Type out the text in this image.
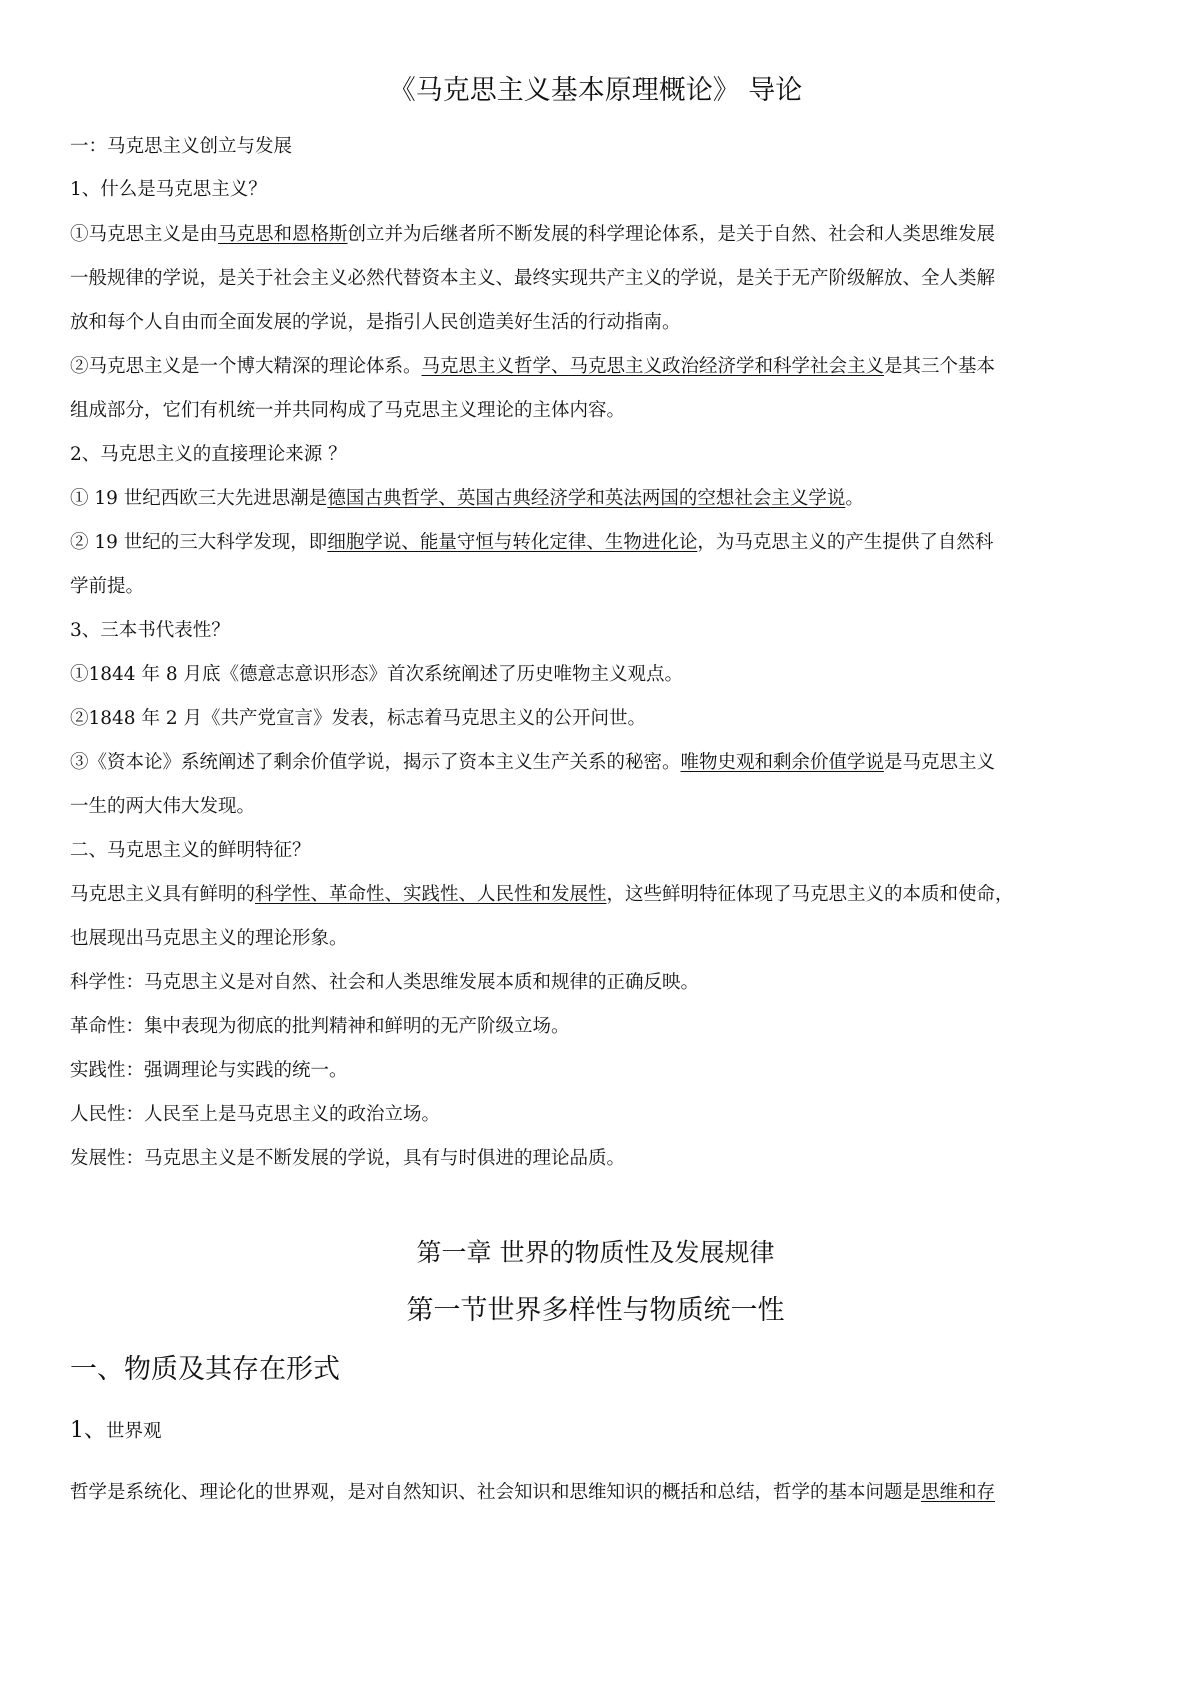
《马克思主义基本原理概论》 导论
一：马克思主义创立与发展
1、什么是马克思主义？
①马克思主义是由马克思和恩格斯创立并为后继者所不断发展的科学理论体系，是关于自然、社会和人类思维发展
一般规律的学说，是关于社会主义必然代替资本主义、最终实现共产主义的学说，是关于无产阶级解放、全人类解
放和每个人自由而全面发展的学说，是指引人民创造美好生活的行动指南。
②马克思主义是一个博大精深的理论体系。马克思主义哲学、马克思主义政治经济学和科学社会主义是其三个基本
组成部分，它们有机统一并共同构成了马克思主义理论的主体内容。
2、马克思主义的直接理论来源 ？
① 19 世纪西欧三大先进思潮是德国古典哲学、英国古典经济学和英法两国的空想社会主义学说。
② 19 世纪的三大科学发现，即细胞学说、能量守恒与转化定律、生物进化论，为马克思主义的产生提供了自然科
学前提。
3、三本书代表性？
①1844 年 8 月底《德意志意识形态》首次系统阐述了历史唯物主义观点。
②1848 年 2 月《共产党宣言》发表，标志着马克思主义的公开问世。
③《资本论》系统阐述了剩余价值学说，揭示了资本主义生产关系的秘密。唯物史观和剩余价值学说是马克思主义
一生的两大伟大发现。
二、马克思主义的鲜明特征？
马克思主义具有鲜明的科学性、革命性、实践性、人民性和发展性，这些鲜明特征体现了马克思主义的本质和使命，
也展现出马克思主义的理论形象。
科学性：马克思主义是对自然、社会和人类思维发展本质和规律的正确反映。
革命性：集中表现为彻底的批判精神和鲜明的无产阶级立场。
实践性：强调理论与实践的统一。
人民性：人民至上是马克思主义的政治立场。
发展性：马克思主义是不断发展的学说，具有与时俱进的理论品质。
第一章 世界的物质性及发展规律
第一节世界多样性与物质统一性
一、物质及其存在形式
1、世界观
哲学是系统化、理论化的世界观，是对自然知识、社会知识和思维知识的概括和总结，哲学的基本问题是思维和存
